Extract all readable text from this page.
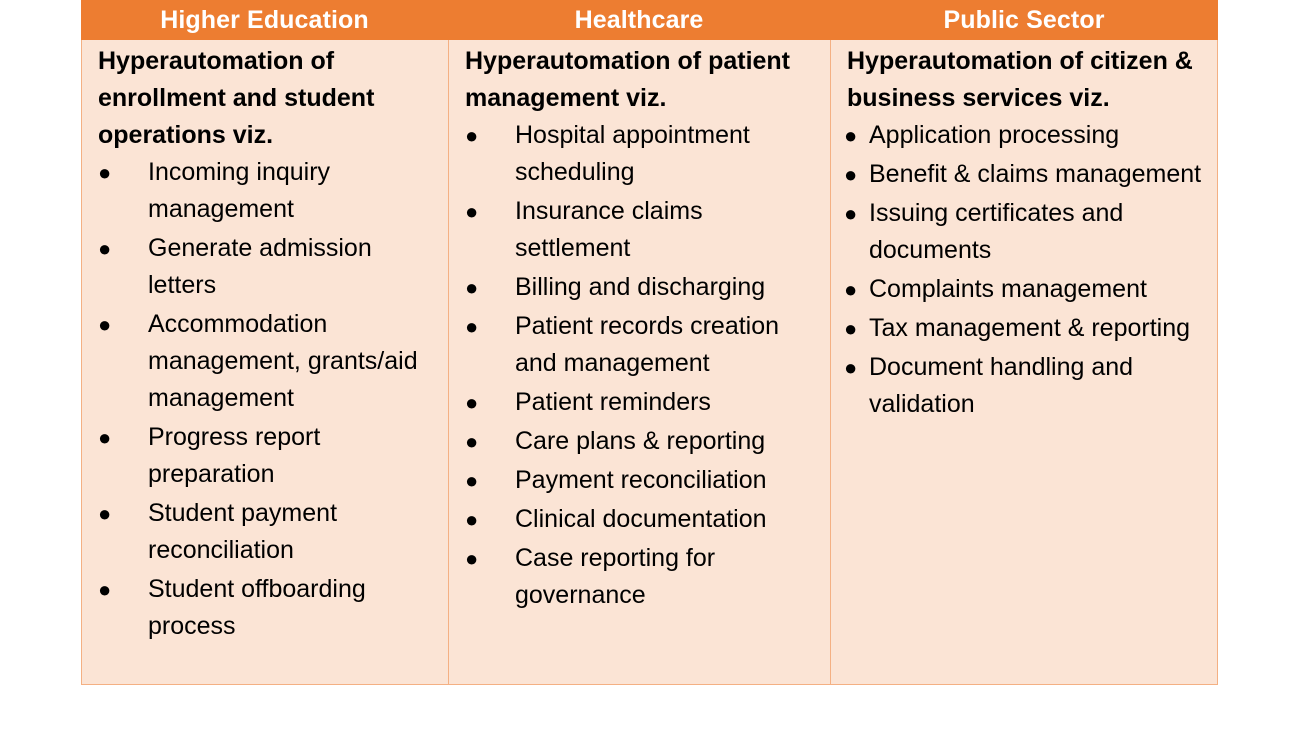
Higher Education	Healthcare	Public Sector

Hyperautomation of enrollment and student operations viz.

● Incoming inquiry management
● Generate admission letters
● Accommodation management, grants/aid management
● Progress report preparation
● Student payment reconciliation
● Student offboarding process

Hyperautomation of patient management viz.

● Hospital appointment scheduling
● Insurance claims settlement
● Billing and discharging
● Patient records creation and management
● Patient reminders
● Care plans & reporting
● Payment reconciliation
● Clinical documentation
● Case reporting for governance

Hyperautomation of citizen & business services viz.

● Application processing
● Benefit & claims management
● Issuing certificates and documents
● Complaints management
● Tax management & reporting
● Document handling and validation
